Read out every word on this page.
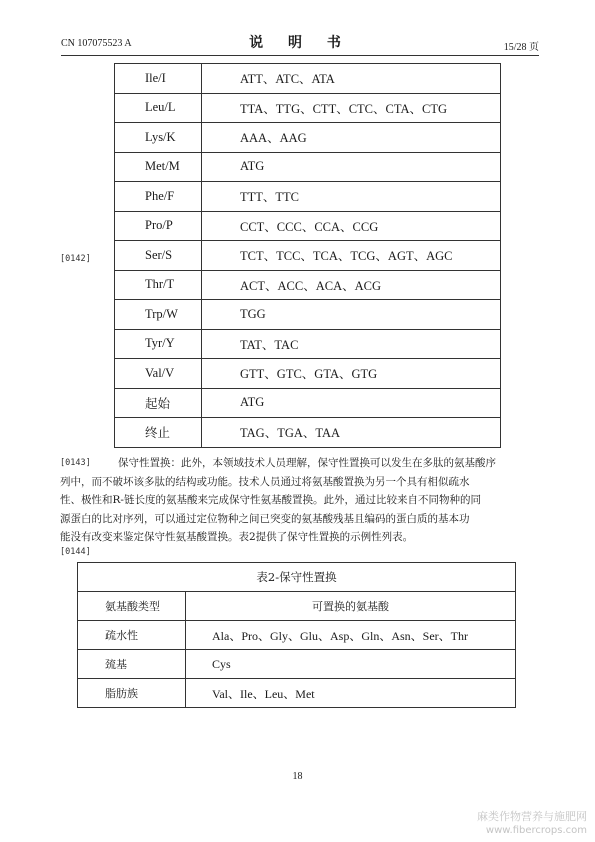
CN 107075523 A	说 明 书	15/28 页
Ile/I	ATT、ATC、ATA
Leu/L	TTA、TTG、CTT、CTC、CTA、CTG
Lys/K	AAA、AAG
Met/M	ATG
Phe/F	TTT、TTC
Pro/P	CCT、CCC、CCA、CCG
Ser/S	TCT、TCC、TCA、TCG、AGT、AGC
Thr/T	ACT、ACC、ACA、ACG
Trp/W	TGG
Tyr/Y	TAT、TAC
Val/V	GTT、GTC、GTA、GTG
起始	ATG
终止	TAG、TGA、TAA
[0142]
[0143]
[0144]
保守性置换：此外，本领域技术人员理解，保守性置换可以发生在多肽的氨基酸序
列中，而不破坏该多肽的结构或功能。技术人员通过将氨基酸置换为另一个具有相似疏水
性、极性和R-链长度的氨基酸来完成保守性氨基酸置换。此外，通过比较来自不同物种的同
源蛋白的比对序列，可以通过定位物种之间已突变的氨基酸残基且编码的蛋白质的基本功
能没有改变来鉴定保守性氨基酸置换。表2提供了保守性置换的示例性列表。
表2-保守性置换	
氨基酸类型	可置换的氨基酸
疏水性	Ala、Pro、Gly、Glu、Asp、Gln、Asn、Ser、Thr
巯基	Cys
脂肪族	Val、Ile、Leu、Met
18
麻类作物营养与施肥网
www.fibercrops.com
